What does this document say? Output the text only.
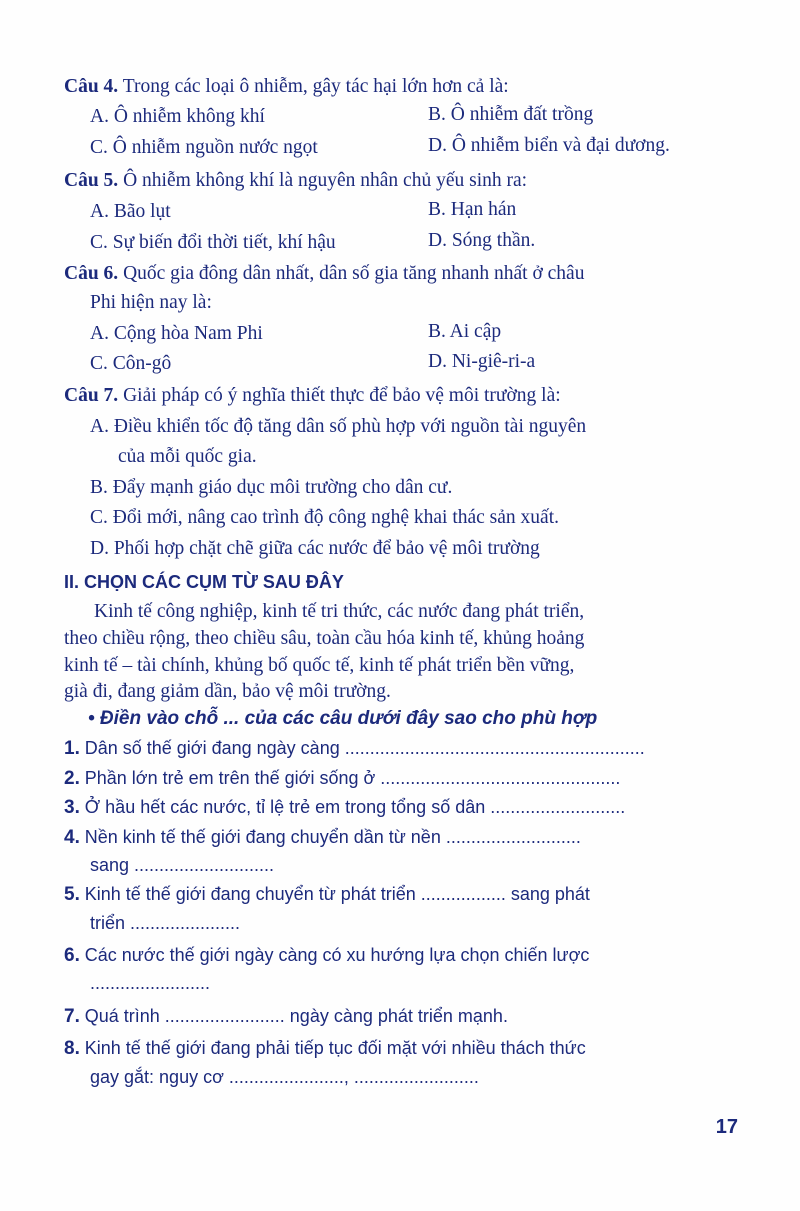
Câu 4. Trong các loại ô nhiễm, gây tác hại lớn hơn cả là:
A. Ô nhiễm không khí	B. Ô nhiễm đất trồng
C. Ô nhiễm nguồn nước ngọt	D. Ô nhiễm biển và đại dương.
Câu 5. Ô nhiễm không khí là nguyên nhân chủ yếu sinh ra:
A. Bão lụt	B. Hạn hán
C. Sự biến đổi thời tiết, khí hậu	D. Sóng thần.
Câu 6. Quốc gia đông dân nhất, dân số gia tăng nhanh nhất ở châu
Phi hiện nay là:
A. Cộng hòa Nam Phi	B. Ai cập
C. Côn-gô	D. Ni-giê-ri-a
Câu 7. Giải pháp có ý nghĩa thiết thực để bảo vệ môi trường là:
A. Điều khiển tốc độ tăng dân số phù hợp với nguồn tài nguyên
của mỗi quốc gia.
B. Đẩy mạnh giáo dục môi trường cho dân cư.
C. Đổi mới, nâng cao trình độ công nghệ khai thác sản xuất.
D. Phối hợp chặt chẽ giữa các nước để bảo vệ môi trường
II. CHỌN CÁC CỤM TỪ SAU ĐÂY
Kinh tế công nghiệp, kinh tế tri thức, các nước đang phát triển,
theo chiều rộng, theo chiều sâu, toàn cầu hóa kinh tế, khủng hoảng
kinh tế – tài chính, khủng bố quốc tế, kinh tế phát triển bền vững,
già đi, đang giảm dần, bảo vệ môi trường.
• Điền vào chỗ ... của các câu dưới đây sao cho phù hợp
1. Dân số thế giới đang ngày càng ............................................................
2. Phần lớn trẻ em trên thế giới sống ở ................................................
3. Ở hầu hết các nước, tỉ lệ trẻ em trong tổng số dân ...........................
4. Nền kinh tế thế giới đang chuyển dần từ nền ...........................
sang ............................
5. Kinh tế thế giới đang chuyển từ phát triển ................. sang phát
triển ......................
6. Các nước thế giới ngày càng có xu hướng lựa chọn chiến lược
........................
7. Quá trình ........................ ngày càng phát triển mạnh.
8. Kinh tế thế giới đang phải tiếp tục đối mặt với nhiều thách thức
gay gắt: nguy cơ ......................., .........................
17
